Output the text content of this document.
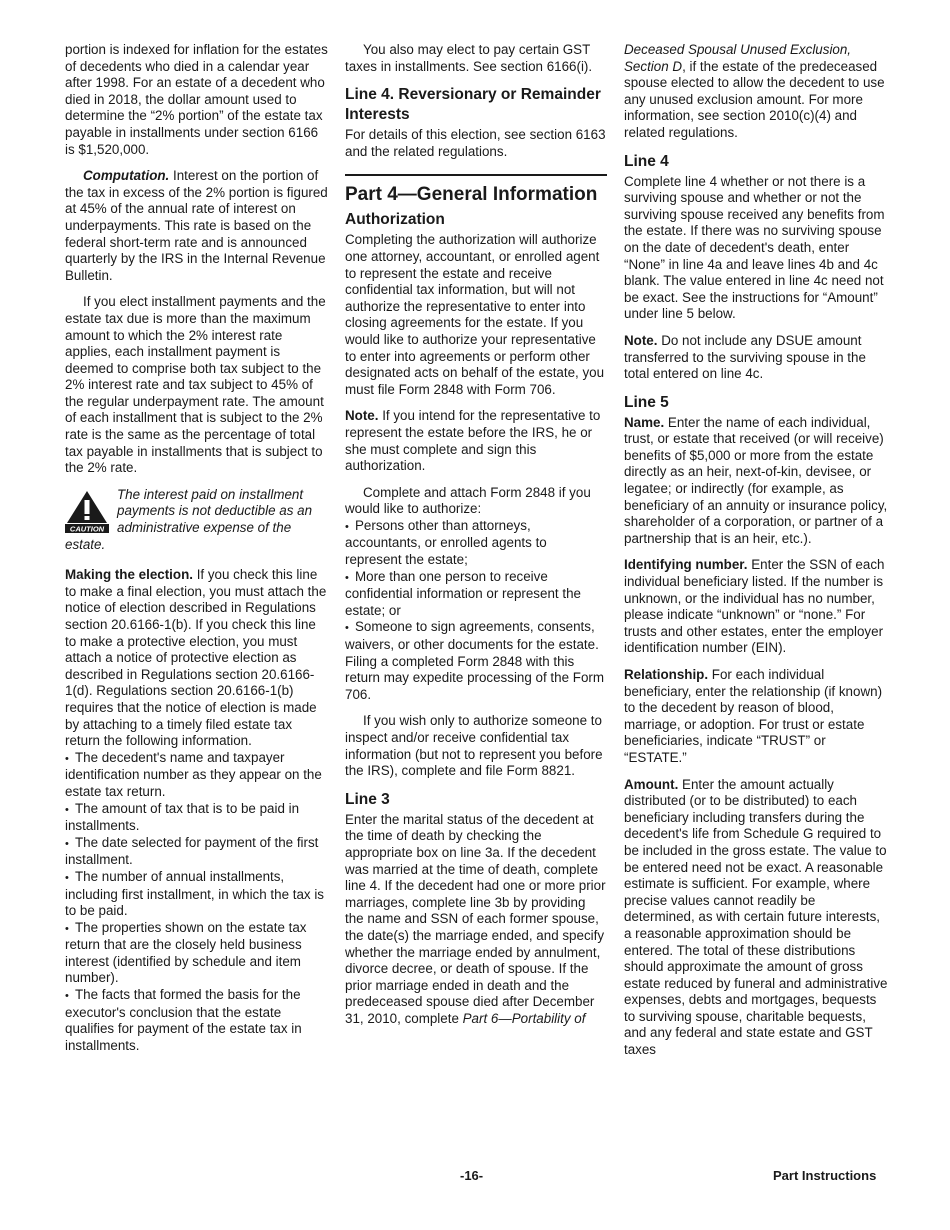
portion is indexed for inflation for the estates of decedents who died in a calendar year after 1998. For an estate of a decedent who died in 2018, the dollar amount used to determine the “2% portion” of the estate tax payable in installments under section 6166 is $1,520,000.

Computation. Interest on the portion of the tax in excess of the 2% portion is figured at 45% of the annual rate of interest on underpayments. This rate is based on the federal short-term rate and is announced quarterly by the IRS in the Internal Revenue Bulletin.

If you elect installment payments and the estate tax due is more than the maximum amount to which the 2% interest rate applies, each installment payment is deemed to comprise both tax subject to the 2% interest rate and tax subject to 45% of the regular underpayment rate. The amount of each installment that is subject to the 2% rate is the same as the percentage of total tax payable in installments that is subject to the 2% rate.

CAUTION
The interest paid on installment payments is not deductible as an administrative expense of the estate.

Making the election. If you check this line to make a final election, you must attach the notice of election described in Regulations section 20.6166-1(b). If you check this line to make a protective election, you must attach a notice of protective election as described in Regulations section 20.6166-1(d). Regulations section 20.6166-1(b) requires that the notice of election is made by attaching to a timely filed estate tax return the following information.

• The decedent's name and taxpayer identification number as they appear on the estate tax return.
• The amount of tax that is to be paid in installments.
• The date selected for payment of the first installment.
• The number of annual installments, including first installment, in which the tax is to be paid.
• The properties shown on the estate tax return that are the closely held business interest (identified by schedule and item number).
• The facts that formed the basis for the executor's conclusion that the estate qualifies for payment of the estate tax in installments.

You also may elect to pay certain GST taxes in installments. See section 6166(i).

Line 4. Reversionary or Remainder Interests

For details of this election, see section 6163 and the related regulations.

Part 4—General Information
Authorization

Completing the authorization will authorize one attorney, accountant, or enrolled agent to represent the estate and receive confidential tax information, but will not authorize the representative to enter into closing agreements for the estate. If you would like to authorize your representative to enter into agreements or perform other designated acts on behalf of the estate, you must file Form 2848 with Form 706.

Note. If you intend for the representative to represent the estate before the IRS, he or she must complete and sign this authorization.

Complete and attach Form 2848 if you would like to authorize:

• Persons other than attorneys, accountants, or enrolled agents to represent the estate;
• More than one person to receive confidential information or represent the estate; or
• Someone to sign agreements, consents, waivers, or other documents for the estate.

Filing a completed Form 2848 with this return may expedite processing of the Form 706.

If you wish only to authorize someone to inspect and/or receive confidential tax information (but not to represent you before the IRS), complete and file Form 8821.

Line 3

Enter the marital status of the decedent at the time of death by checking the appropriate box on line 3a. If the decedent was married at the time of death, complete line 4. If the decedent had one or more prior marriages, complete line 3b by providing the name and SSN of each former spouse, the date(s) the marriage ended, and specify whether the marriage ended by annulment, divorce decree, or death of spouse. If the prior marriage ended in death and the predeceased spouse died after December 31, 2010, complete Part 6—Portability of

Deceased Spousal Unused Exclusion, Section D, if the estate of the predeceased spouse elected to allow the decedent to use any unused exclusion amount. For more information, see section 2010(c)(4) and related regulations.

Line 4

Complete line 4 whether or not there is a surviving spouse and whether or not the surviving spouse received any benefits from the estate. If there was no surviving spouse on the date of decedent's death, enter “None” in line 4a and leave lines 4b and 4c blank. The value entered in line 4c need not be exact. See the instructions for “Amount” under line 5 below.

Note. Do not include any DSUE amount transferred to the surviving spouse in the total entered on line 4c.

Line 5

Name. Enter the name of each individual, trust, or estate that received (or will receive) benefits of $5,000 or more from the estate directly as an heir, next-of-kin, devisee, or legatee; or indirectly (for example, as beneficiary of an annuity or insurance policy, shareholder of a corporation, or partner of a partnership that is an heir, etc.).

Identifying number. Enter the SSN of each individual beneficiary listed. If the number is unknown, or the individual has no number, please indicate “unknown” or “none.” For trusts and other estates, enter the employer identification number (EIN).

Relationship. For each individual beneficiary, enter the relationship (if known) to the decedent by reason of blood, marriage, or adoption. For trust or estate beneficiaries, indicate “TRUST” or “ESTATE.”

Amount. Enter the amount actually distributed (or to be distributed) to each beneficiary including transfers during the decedent's life from Schedule G required to be included in the gross estate. The value to be entered need not be exact. A reasonable estimate is sufficient. For example, where precise values cannot readily be determined, as with certain future interests, a reasonable approximation should be entered. The total of these distributions should approximate the amount of gross estate reduced by funeral and administrative expenses, debts and mortgages, bequests to surviving spouse, charitable bequests, and any federal and state estate and GST taxes

-16-	Part Instructions
